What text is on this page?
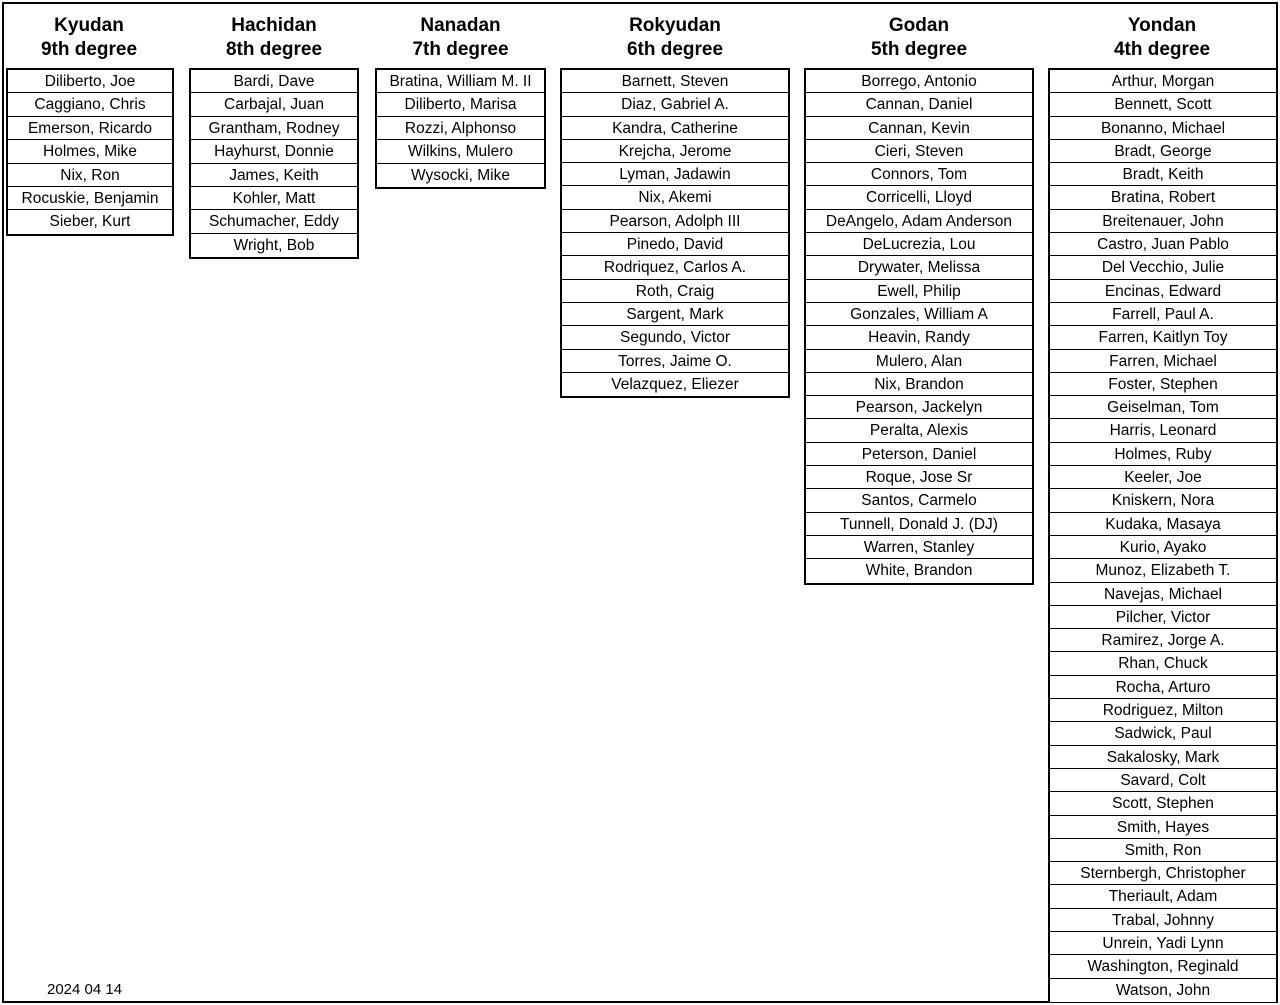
Kyudan
9th degree
Diliberto, Joe
Caggiano, Chris
Emerson, Ricardo
Holmes, Mike
Nix, Ron
Rocuskie, Benjamin
Sieber, Kurt
Hachidan
8th degree
Bardi, Dave
Carbajal, Juan
Grantham, Rodney
Hayhurst, Donnie
James, Keith
Kohler, Matt
Schumacher, Eddy
Wright, Bob
Nanadan
7th degree
Bratina, William M. II
Diliberto, Marisa
Rozzi, Alphonso
Wilkins, Mulero
Wysocki, Mike
Rokyudan
6th degree
Barnett, Steven
Diaz, Gabriel A.
Kandra, Catherine
Krejcha, Jerome
Lyman, Jadawin
Nix, Akemi
Pearson, Adolph III
Pinedo, David
Rodriquez, Carlos A.
Roth, Craig
Sargent, Mark
Segundo, Victor
Torres, Jaime O.
Velazquez, Eliezer
Godan
5th degree
Borrego, Antonio
Cannan, Daniel
Cannan, Kevin
Cieri, Steven
Connors, Tom
Corricelli, Lloyd
DeAngelo, Adam Anderson
DeLucrezia, Lou
Drywater, Melissa
Ewell, Philip
Gonzales, William A
Heavin, Randy
Mulero, Alan
Nix, Brandon
Pearson, Jackelyn
Peralta, Alexis
Peterson, Daniel
Roque, Jose Sr
Santos, Carmelo
Tunnell, Donald J. (DJ)
Warren, Stanley
White, Brandon
Yondan
4th degree
Arthur, Morgan
Bennett, Scott
Bonanno, Michael
Bradt, George
Bradt, Keith
Bratina, Robert
Breitenauer, John
Castro, Juan Pablo
Del Vecchio, Julie
Encinas, Edward
Farrell, Paul A.
Farren, Kaitlyn Toy
Farren, Michael
Foster, Stephen
Geiselman, Tom
Harris, Leonard
Holmes, Ruby
Keeler, Joe
Kniskern, Nora
Kudaka, Masaya
Kurio, Ayako
Munoz, Elizabeth T.
Navejas, Michael
Pilcher, Victor
Ramirez, Jorge A.
Rhan, Chuck
Rocha, Arturo
Rodriguez, Milton
Sadwick, Paul
Sakalosky, Mark
Savard, Colt
Scott, Stephen
Smith, Hayes
Smith, Ron
Sternbergh, Christopher
Theriault, Adam
Trabal, Johnny
Unrein, Yadi Lynn
Washington, Reginald
Watson, John
2024 04 14
